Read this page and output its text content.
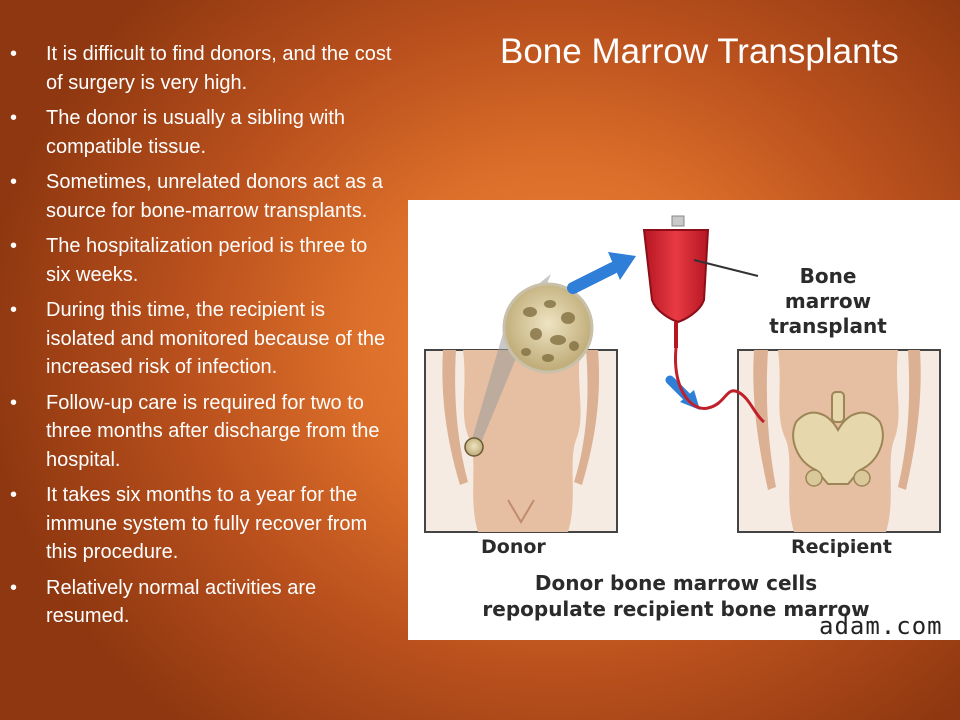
Bone Marrow Transplants
•	It is difficult to find donors, and the cost of surgery is very high.
•	The donor is usually a sibling with compatible tissue.
•	Sometimes, unrelated donors act as a source for bone-marrow transplants.
•	The hospitalization period is three to six weeks.
•	During this time, the recipient is isolated and monitored because of the increased risk of infection.
•	Follow-up care is required for two to three months after discharge from the hospital.
•	It takes six months to a year for the immune system to fully recover from this procedure.
•	Relatively normal activities are resumed.
Bone marrow transplant
Donor	Recipient
Donor bone marrow cells repopulate recipient bone marrow
adam.com
